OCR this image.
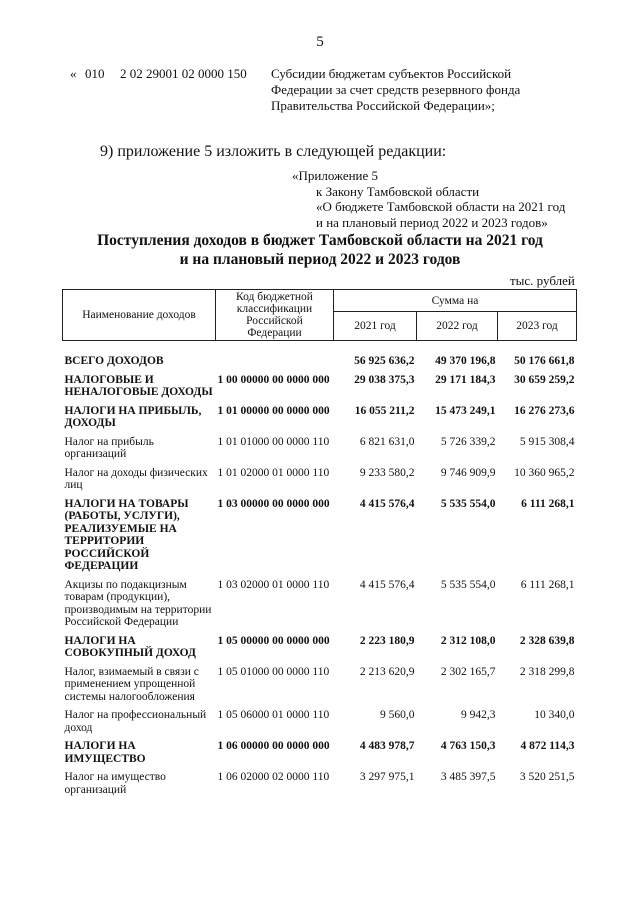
5
« 010 2 02 29001 02 0000 150 Субсидии бюджетам субъектов Российской
Федерации за счет средств резервного фонда
Правительства Российской Федерации»;
9) приложение 5 изложить в следующей редакции:
«Приложение 5
к Закону Тамбовской области
«О бюджете Тамбовской области на 2021 год
и на плановый период 2022 и 2023 годов»
Поступления доходов в бюджет Тамбовской области на 2021 год
и на плановый период 2022 и 2023 годов
тыс. рублей
Наименование доходов	Код бюджетной классификации Российской Федерации	Сумма на		
		2021 год	2022 год	2023 год

ВСЕГО ДОХОДОВ		56 925 636,2	49 370 196,8	50 176 661,8

НАЛОГОВЫЕ И НЕНАЛОГОВЫЕ ДОХОДЫ	1 00 00000 00 0000 000	29 038 375,3	29 171 184,3	30 659 259,2

НАЛОГИ НА ПРИБЫЛЬ, ДОХОДЫ	1 01 00000 00 0000 000	16 055 211,2	15 473 249,1	16 276 273,6

Налог на прибыль организаций	1 01 01000 00 0000 110	6 821 631,0	5 726 339,2	5 915 308,4

Налог на доходы физических лиц	1 01 02000 01 0000 110	9 233 580,2	9 746 909,9	10 360 965,2

НАЛОГИ НА ТОВАРЫ (РАБОТЫ, УСЛУГИ), РЕАЛИЗУЕМЫЕ НА ТЕРРИТОРИИ РОССИЙСКОЙ ФЕДЕРАЦИИ	1 03 00000 00 0000 000	4 415 576,4	5 535 554,0	6 111 268,1

Акцизы по подакцизным товарам (продукции), производимым на территории Российской Федерации	1 03 02000 01 0000 110	4 415 576,4	5 535 554,0	6 111 268,1

НАЛОГИ НА СОВОКУПНЫЙ ДОХОД	1 05 00000 00 0000 000	2 223 180,9	2 312 108,0	2 328 639,8

Налог, взимаемый в связи с применением упрощенной системы налогообложения	1 05 01000 00 0000 110	2 213 620,9	2 302 165,7	2 318 299,8

Налог на профессиональный доход	1 05 06000 01 0000 110	9 560,0	9 942,3	10 340,0

НАЛОГИ НА ИМУЩЕСТВО	1 06 00000 00 0000 000	4 483 978,7	4 763 150,3	4 872 114,3

Налог на имущество организаций	1 06 02000 02 0000 110	3 297 975,1	3 485 397,5	3 520 251,5
